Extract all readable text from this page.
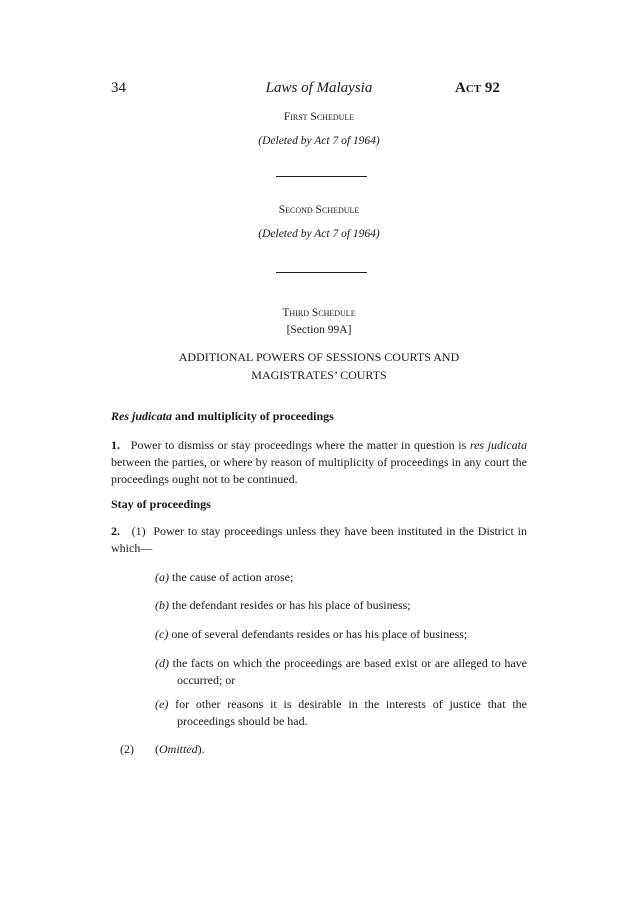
34	Laws of Malaysia	Act 92
First Schedule
(Deleted by Act 7 of 1964)
Second Schedule
(Deleted by Act 7 of 1964)
Third Schedule
[Section 99A]
ADDITIONAL POWERS OF SESSIONS COURTS AND
MAGISTRATES’ COURTS
Res judicata and multiplicity of proceedings
1. Power to dismiss or stay proceedings where the matter in question is res judicata between the parties, or where by reason of multiplicity of proceedings in any court the proceedings ought not to be continued.
Stay of proceedings
2. (1) Power to stay proceedings unless they have been instituted in the District in which—
(a) the cause of action arose;
(b) the defendant resides or has his place of business;
(c) one of several defendants resides or has his place of business;
(d) the facts on which the proceedings are based exist or are alleged to have occurred; or
(e) for other reasons it is desirable in the interests of justice that the proceedings should be had.
(2) (Omitted).
